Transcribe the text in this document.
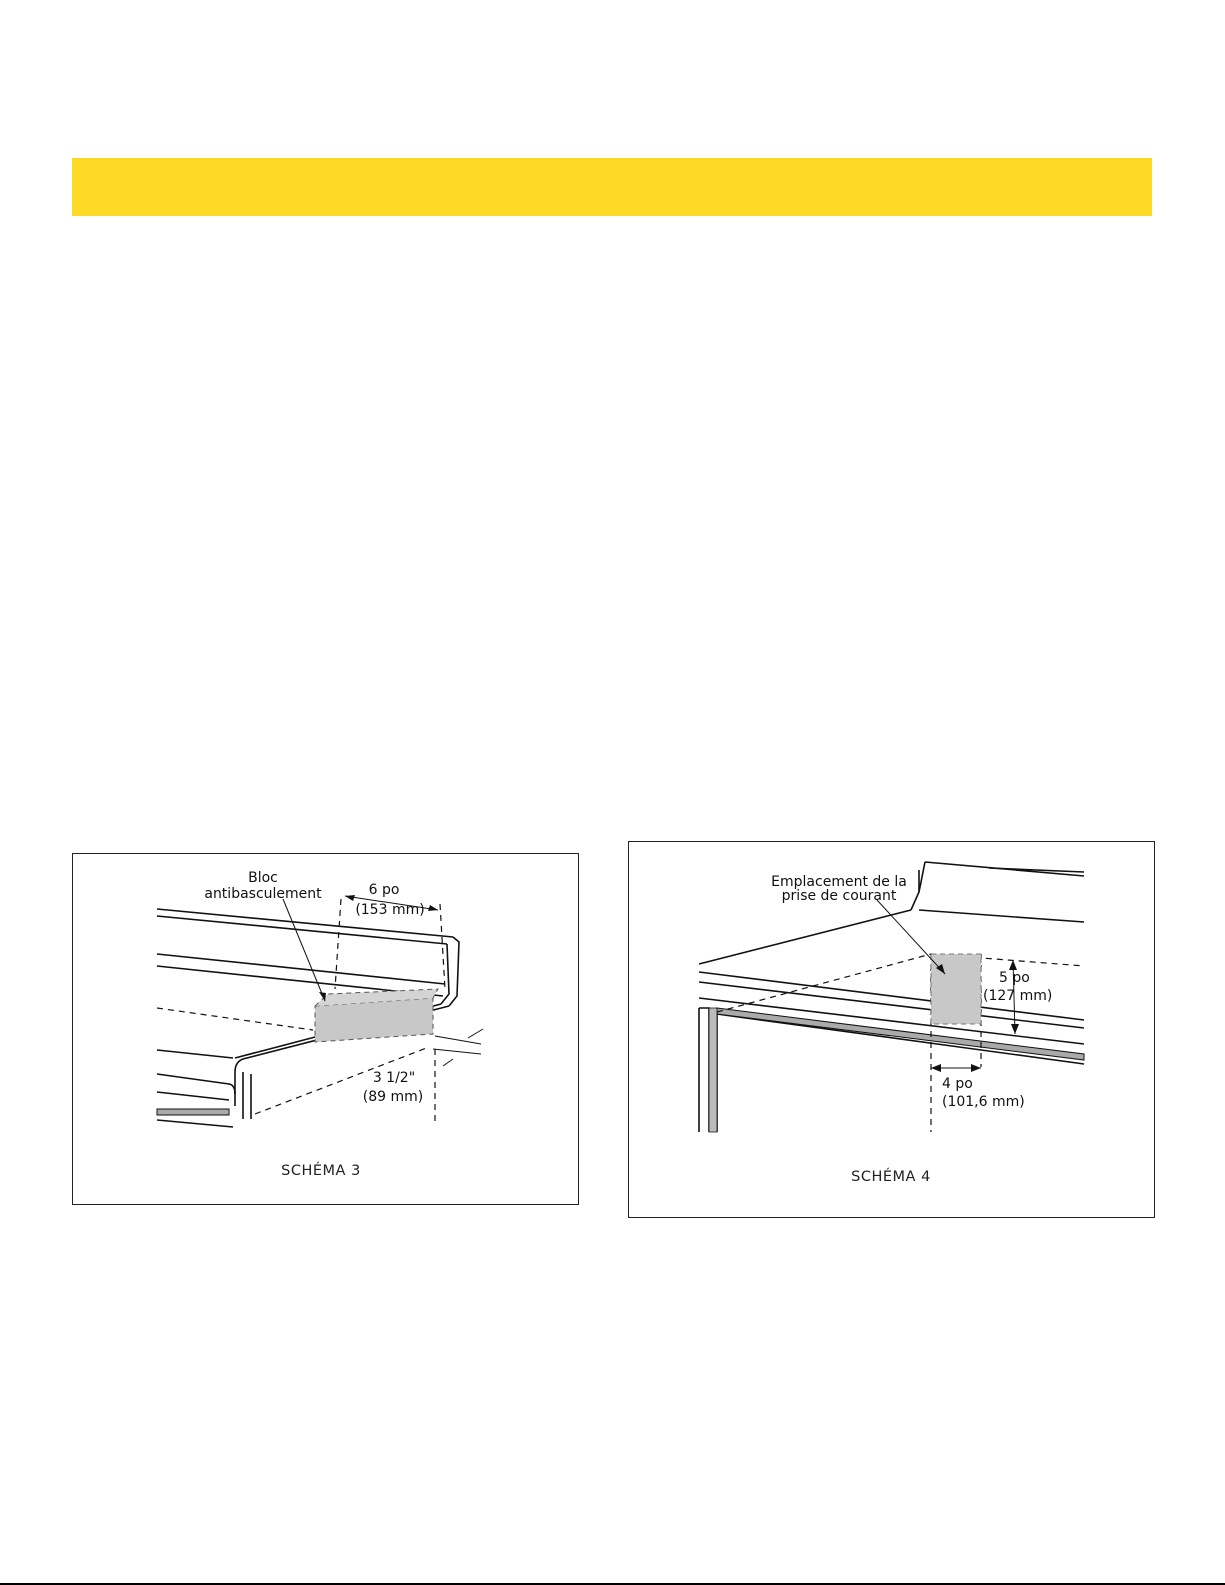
Bloc
antibasculement	6 po
(153 mm)
3 1/2"
(89 mm)
SCHÉMA 3
Emplacement de la
prise de courant
5 po
(127 mm)
4 po
(101,6 mm)
SCHÉMA 4
